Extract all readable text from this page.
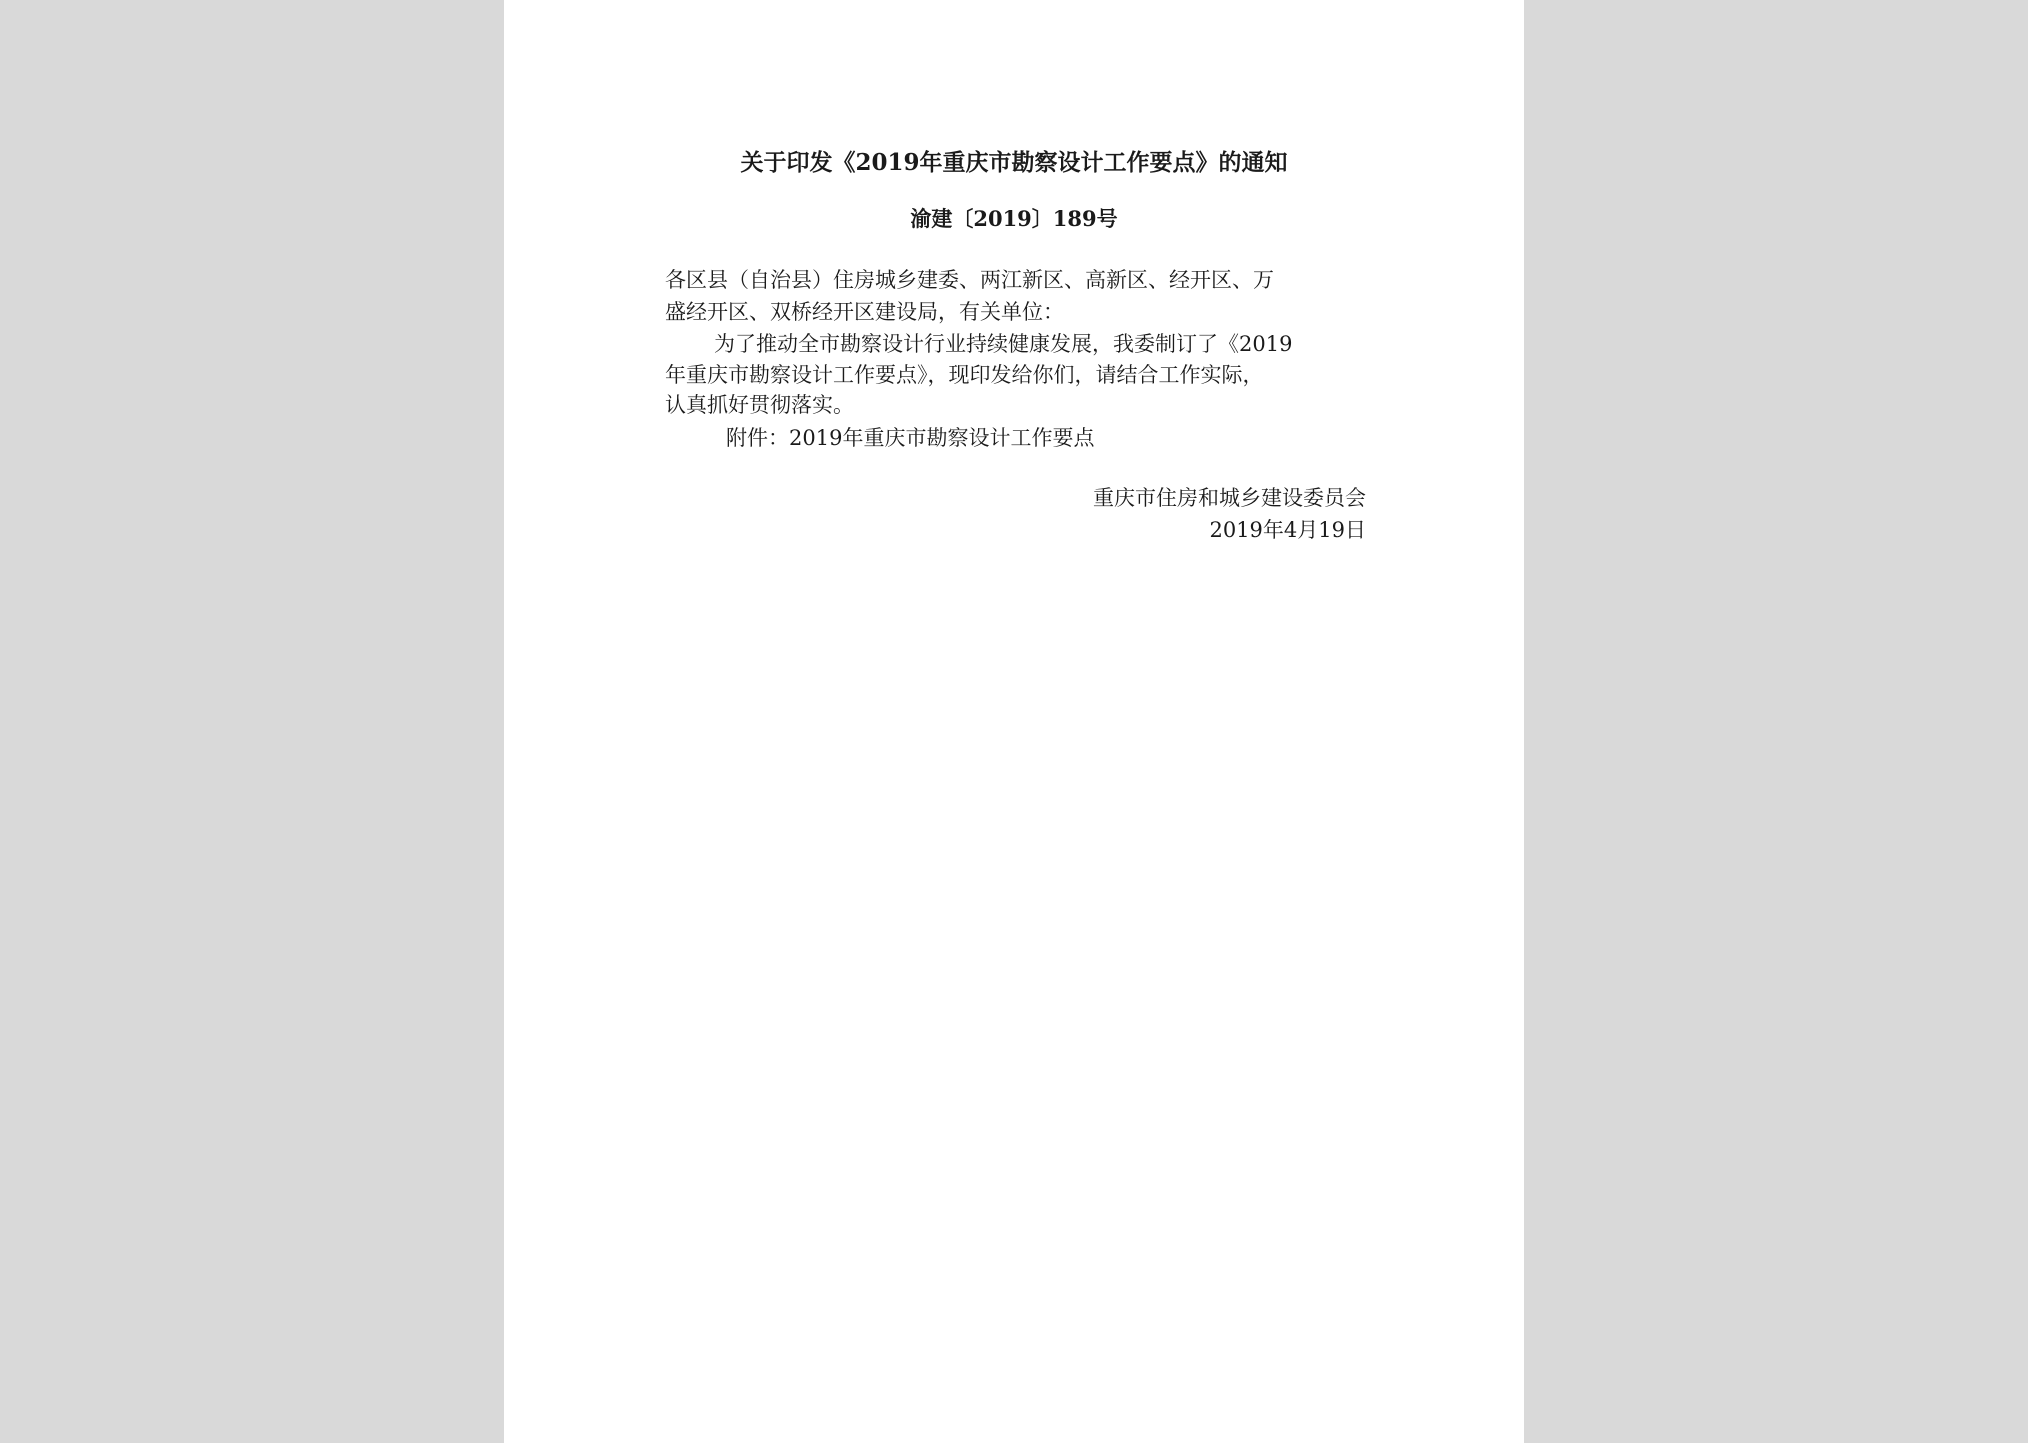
关于印发《2019年重庆市勘察设计工作要点》的通知
渝建〔2019〕189号
各区县（自治县）住房城乡建委、两江新区、高新区、经开区、万
盛经开区、双桥经开区建设局，有关单位：
为了推动全市勘察设计行业持续健康发展，我委制订了《2019
年重庆市勘察设计工作要点》，现印发给你们，请结合工作实际，
认真抓好贯彻落实。
附件：2019年重庆市勘察设计工作要点
重庆市住房和城乡建设委员会
2019年4月19日
